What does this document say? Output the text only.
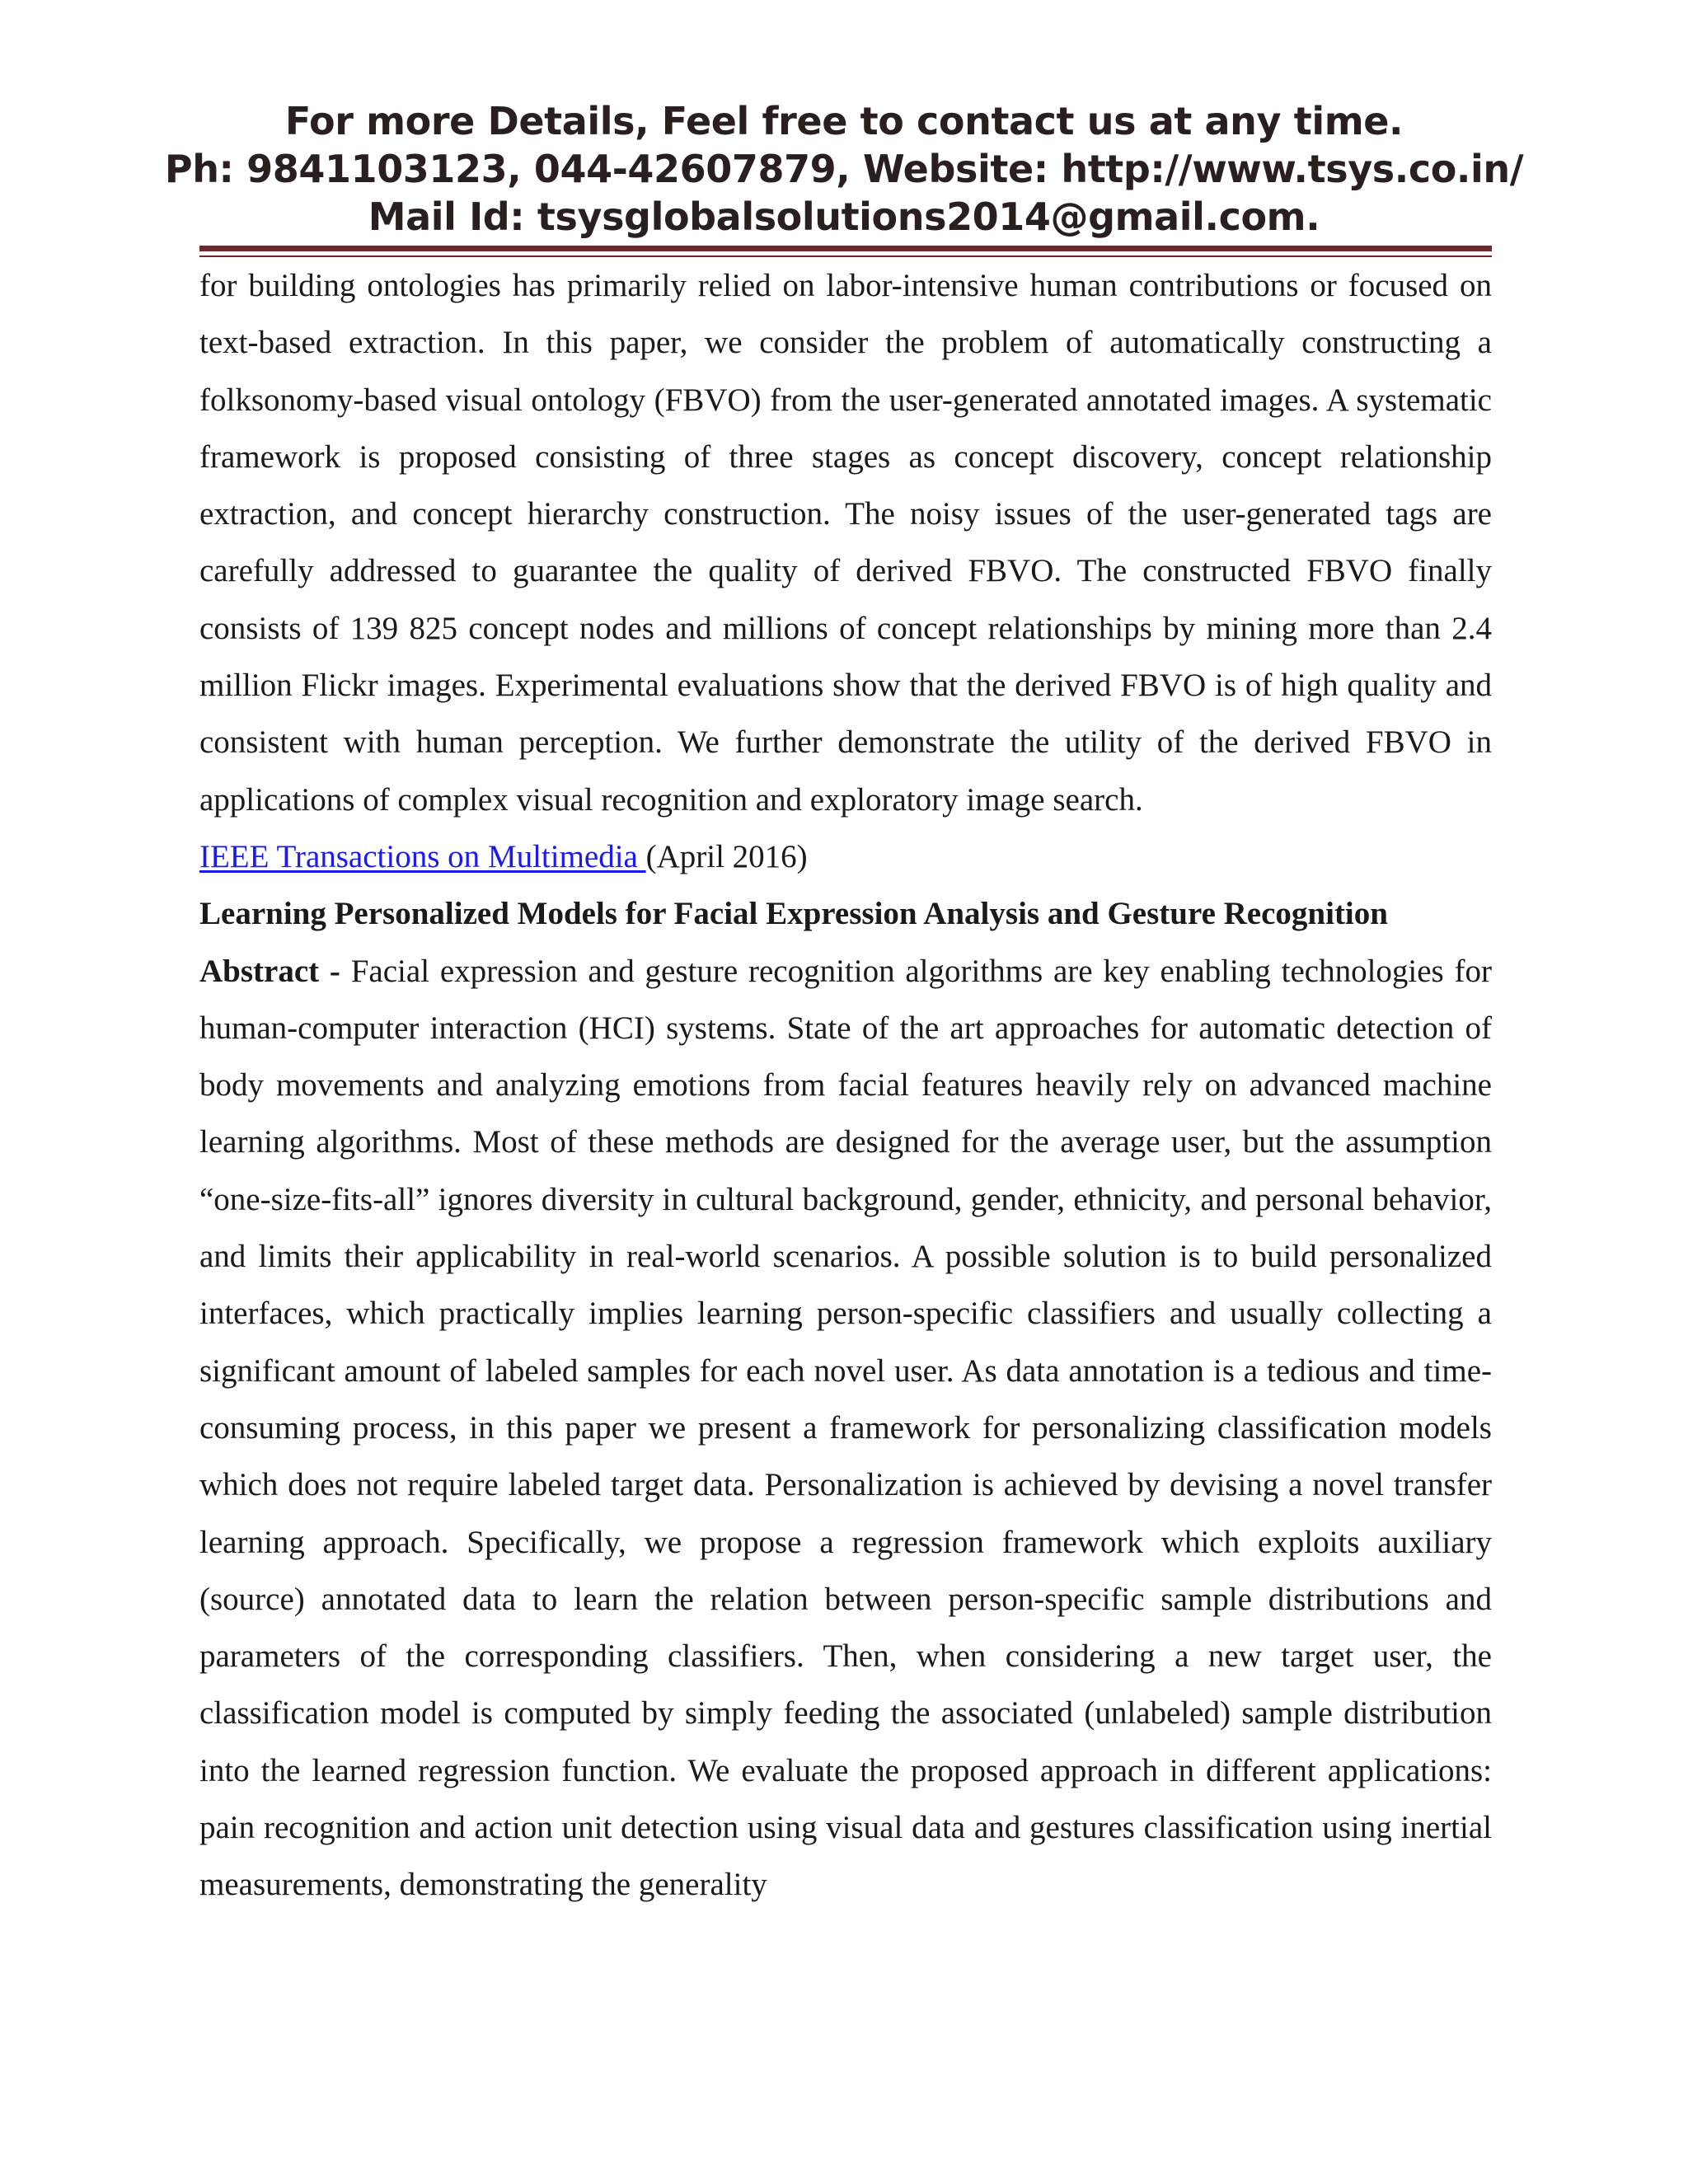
For more Details, Feel free to contact us at any time.
Ph: 9841103123, 044-42607879, Website: http://www.tsys.co.in/
Mail Id: tsysglobalsolutions2014@gmail.com.

for building ontologies has primarily relied on labor-intensive human contributions or focused on text-based extraction. In this paper, we consider the problem of automatically constructing a folksonomy-based visual ontology (FBVO) from the user-generated annotated images. A systematic framework is proposed consisting of three stages as concept discovery, concept relationship extraction, and concept hierarchy construction. The noisy issues of the user-generated tags are carefully addressed to guarantee the quality of derived FBVO. The constructed FBVO finally consists of 139 825 concept nodes and millions of concept relationships by mining more than 2.4 million Flickr images. Experimental evaluations show that the derived FBVO is of high quality and consistent with human perception. We further demonstrate the utility of the derived FBVO in applications of complex visual recognition and exploratory image search.

IEEE Transactions on Multimedia (April 2016)

Learning Personalized Models for Facial Expression Analysis and Gesture Recognition

Abstract - Facial expression and gesture recognition algorithms are key enabling technologies for human-computer interaction (HCI) systems. State of the art approaches for automatic detection of body movements and analyzing emotions from facial features heavily rely on advanced machine learning algorithms. Most of these methods are designed for the average user, but the assumption “one-size-fits-all” ignores diversity in cultural background, gender, ethnicity, and personal behavior, and limits their applicability in real-world scenarios. A possible solution is to build personalized interfaces, which practically implies learning person-specific classifiers and usually collecting a significant amount of labeled samples for each novel user. As data annotation is a tedious and time-consuming process, in this paper we present a framework for personalizing classification models which does not require labeled target data. Personalization is achieved by devising a novel transfer learning approach. Specifically, we propose a regression framework which exploits auxiliary (source) annotated data to learn the relation between person-specific sample distributions and parameters of the corresponding classifiers. Then, when considering a new target user, the classification model is computed by simply feeding the associated (unlabeled) sample distribution into the learned regression function. We evaluate the proposed approach in different applications: pain recognition and action unit detection using visual data and gestures classification using inertial measurements, demonstrating the generality
